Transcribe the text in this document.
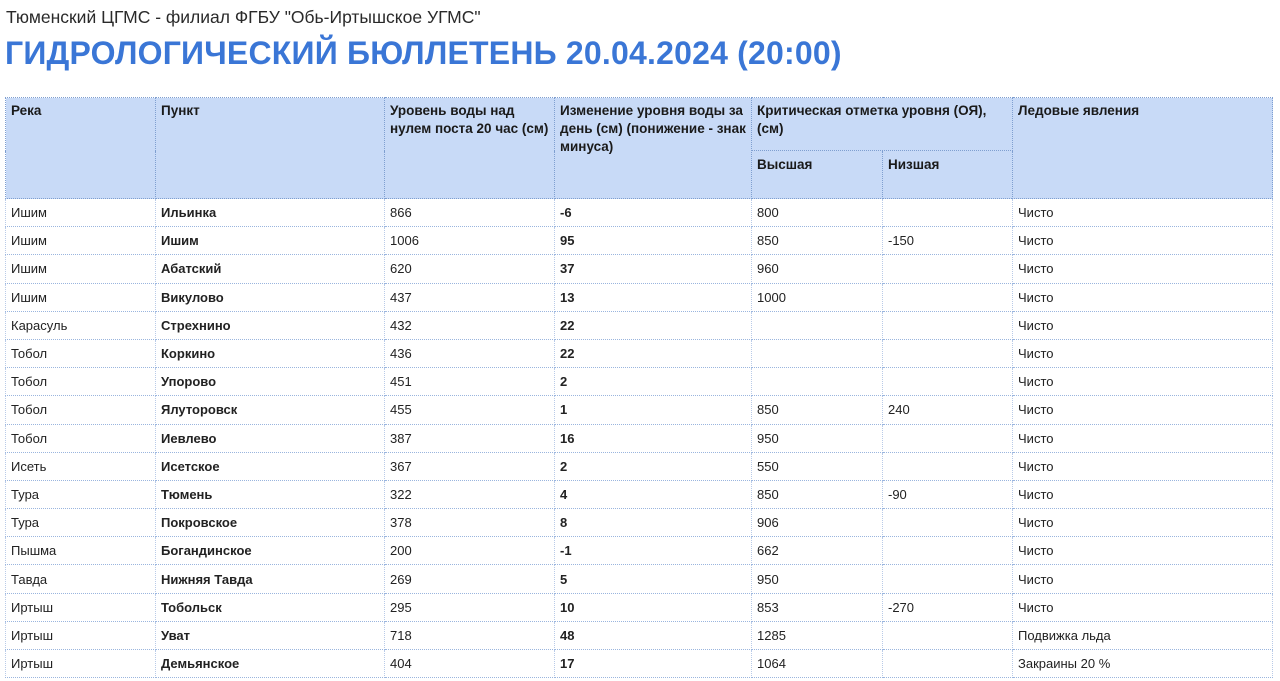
Тюменский ЦГМС - филиал ФГБУ "Обь-Иртышское УГМС"
ГИДРОЛОГИЧЕСКИЙ БЮЛЛЕТЕНЬ 20.04.2024 (20:00)
Река	Пункт	Уровень воды над нулем поста 20 час (см)	Изменение уровня воды за день (см) (понижение - знак минуса)	Критическая отметка уровня (ОЯ), (см)		Ледовые явления
				Высшая	Низшая	
Ишим	Ильинка	866	-6	800		Чисто
Ишим	Ишим	1006	95	850	-150	Чисто
Ишим	Абатский	620	37	960		Чисто
Ишим	Викулово	437	13	1000		Чисто
Карасуль	Стрехнино	432	22			Чисто
Тобол	Коркино	436	22			Чисто
Тобол	Упорово	451	2			Чисто
Тобол	Ялуторовск	455	1	850	240	Чисто
Тобол	Иевлево	387	16	950		Чисто
Исеть	Исетское	367	2	550		Чисто
Тура	Тюмень	322	4	850	-90	Чисто
Тура	Покровское	378	8	906		Чисто
Пышма	Богандинское	200	-1	662		Чисто
Тавда	Нижняя Тавда	269	5	950		Чисто
Иртыш	Тобольск	295	10	853	-270	Чисто
Иртыш	Уват	718	48	1285		Подвижка льда
Иртыш	Демьянское	404	17	1064		Закраины 20 %
